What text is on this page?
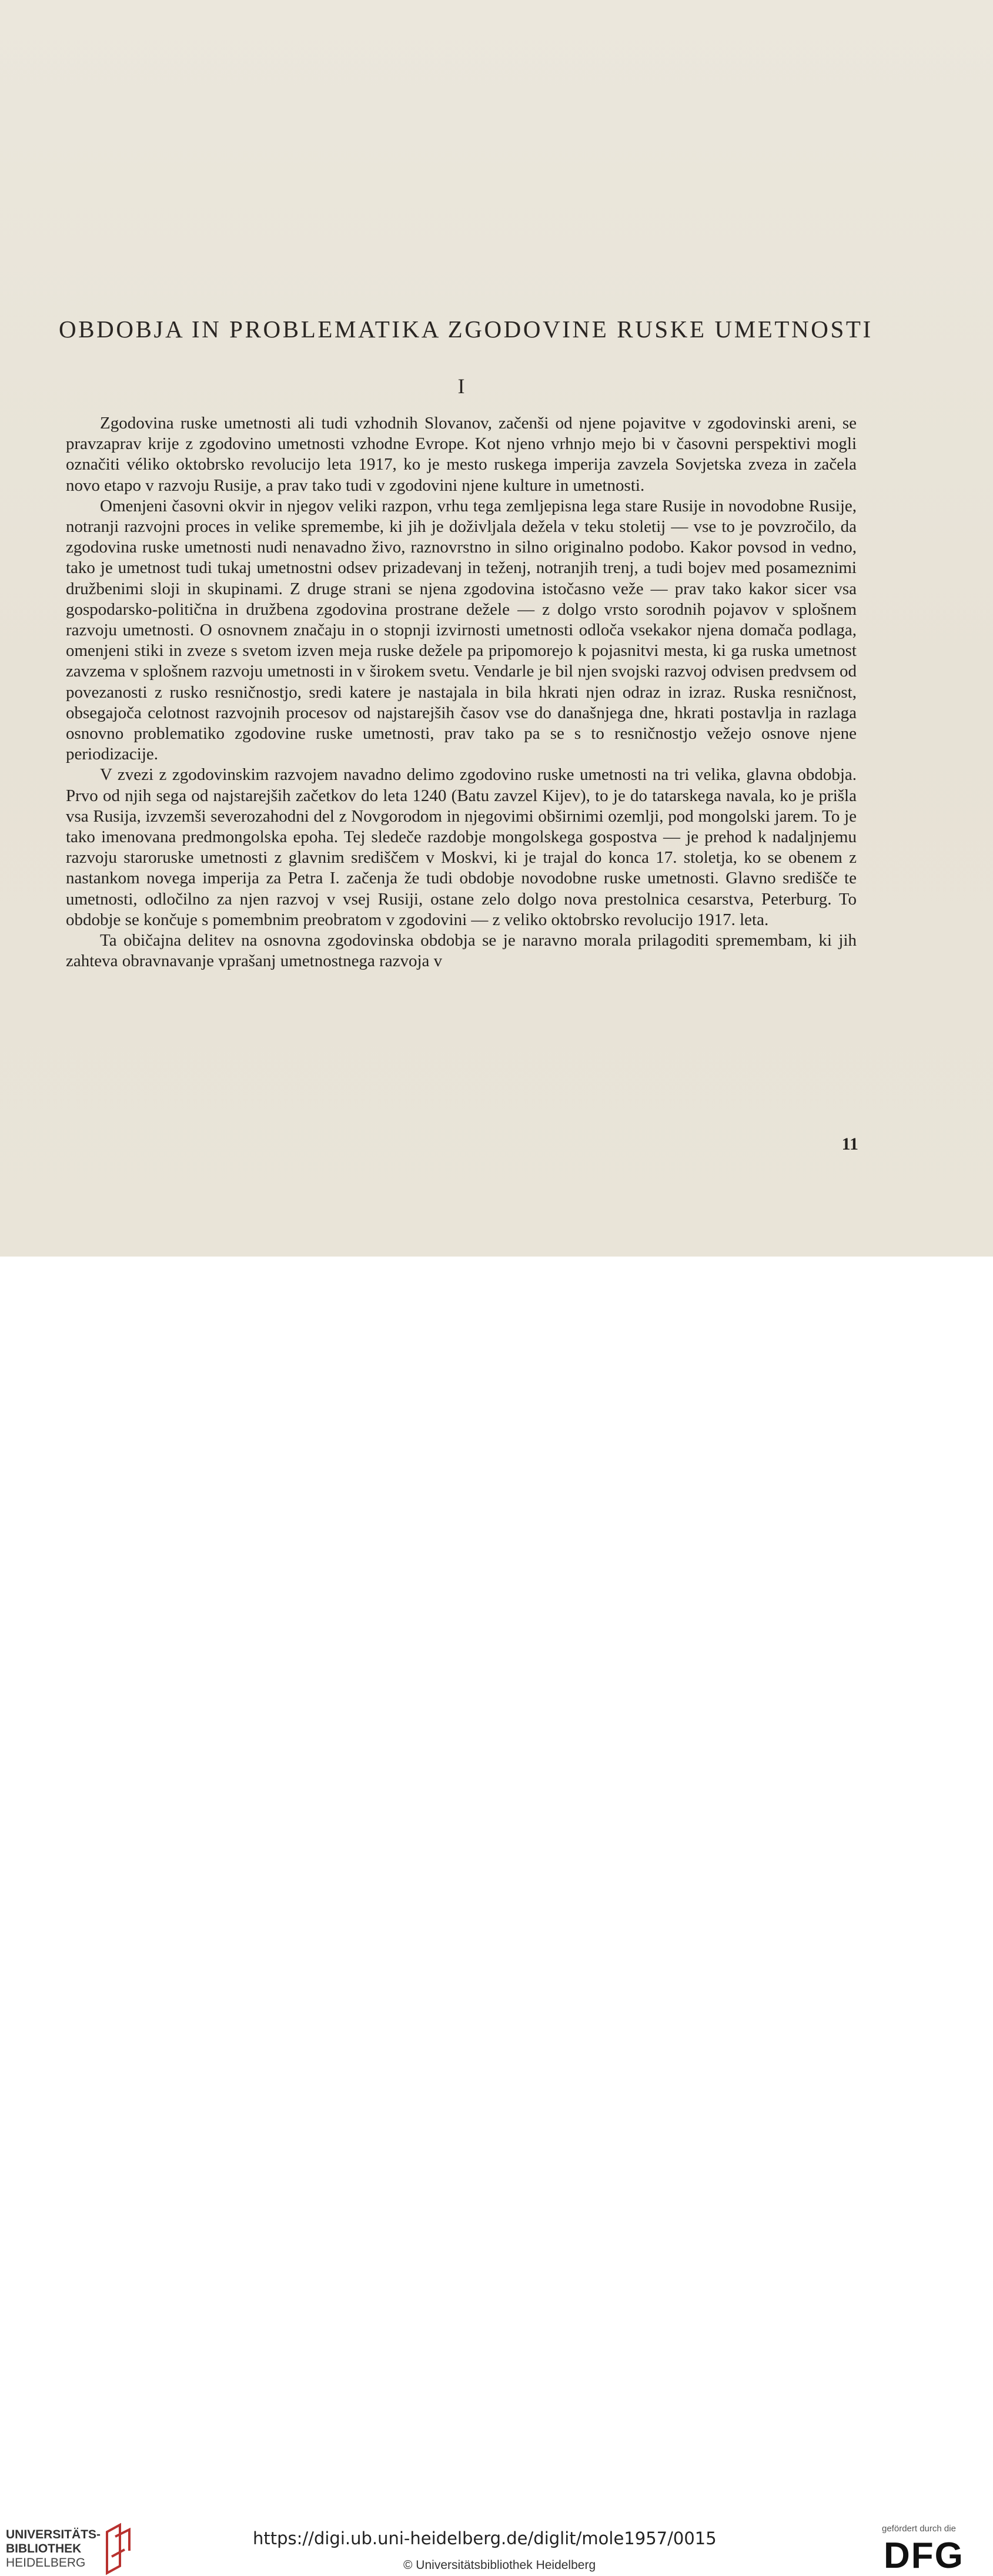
OBDOBJA IN PROBLEMATIKA ZGODOVINE RUSKE UMETNOSTI
I

Zgodovina ruske umetnosti ali tudi vzhodnih Slovanov, začenši od njene pojavitve v zgodovinski areni, se pravzaprav krije z zgodovino umetnosti vzhodne Evrope. Kot njeno vrhnjo mejo bi v časovni perspektivi mogli označiti véliko oktobrsko revolucijo leta 1917, ko je mesto ruskega imperija zavzela Sovjetska zveza in začela novo etapo v razvoju Rusije, a prav tako tudi v zgodovini njene kulture in umetnosti.

Omenjeni časovni okvir in njegov veliki razpon, vrhu tega zemljepisna lega stare Rusije in novodobne Rusije, notranji razvojni proces in velike spremembe, ki jih je doživljala dežela v teku stoletij — vse to je povzročilo, da zgodovina ruske umetnosti nudi nenavadno živo, raznovrstno in silno originalno podobo. Kakor povsod in vedno, tako je umetnost tudi tukaj umetnostni odsev prizadevanj in teženj, notranjih trenj, a tudi bojev med posameznimi družbenimi sloji in skupinami. Z druge strani se njena zgodovina istočasno veže — prav tako kakor sicer vsa gospodarsko-politična in družbena zgodovina prostrane dežele — z dolgo vrsto sorodnih pojavov v splošnem razvoju umetnosti. O osnovnem značaju in o stopnji izvirnosti umetnosti odloča vsekakor njena domača podlaga, omenjeni stiki in zveze s svetom izven meja ruske dežele pa pripomorejo k pojasnitvi mesta, ki ga ruska umetnost zavzema v splošnem razvoju umetnosti in v širokem svetu. Vendarle je bil njen svojski razvoj odvisen predvsem od povezanosti z rusko resničnostjo, sredi katere je nastajala in bila hkrati njen odraz in izraz. Ruska resničnost, obsegajoča celotnost razvojnih procesov od najstarejših časov vse do današnjega dne, hkrati postavlja in razlaga osnovno problematiko zgodovine ruske umetnosti, prav tako pa se s to resničnostjo vežejo osnove njene periodizacije.

V zvezi z zgodovinskim razvojem navadno delimo zgodovino ruske umetnosti na tri velika, glavna obdobja. Prvo od njih sega od najstarejših začetkov do leta 1240 (Batu zavzel Kijev), to je do tatarskega navala, ko je prišla vsa Rusija, izvzemši severozahodni del z Novgorodom in njegovimi obširnimi ozemlji, pod mongolski jarem. To je tako imenovana predmongolska epoha. Tej sledeče razdobje mongolskega gospostva — je prehod k nadaljnjemu razvoju staroruske umetnosti z glavnim središčem v Moskvi, ki je trajal do konca 17. stoletja, ko se obenem z nastankom novega imperija za Petra I. začenja že tudi obdobje novodobne ruske umetnosti. Glavno središče te umetnosti, odločilno za njen razvoj v vsej Rusiji, ostane zelo dolgo nova prestolnica cesarstva, Peterburg. To obdobje se končuje s pomembnim preobratom v zgodovini — z veliko oktobrsko revolucijo 1917. leta.

Ta običajna delitev na osnovna zgodovinska obdobja se je naravno morala prilagoditi spremembam, ki jih zahteva obravnavanje vprašanj umetnostnega razvoja v

11
UNIVERSITÄTS-
BIBLIOTHEK
HEIDELBERG
https://digi.ub.uni-heidelberg.de/diglit/mole1957/0015
© Universitätsbibliothek Heidelberg
gefördert durch die
DFG
